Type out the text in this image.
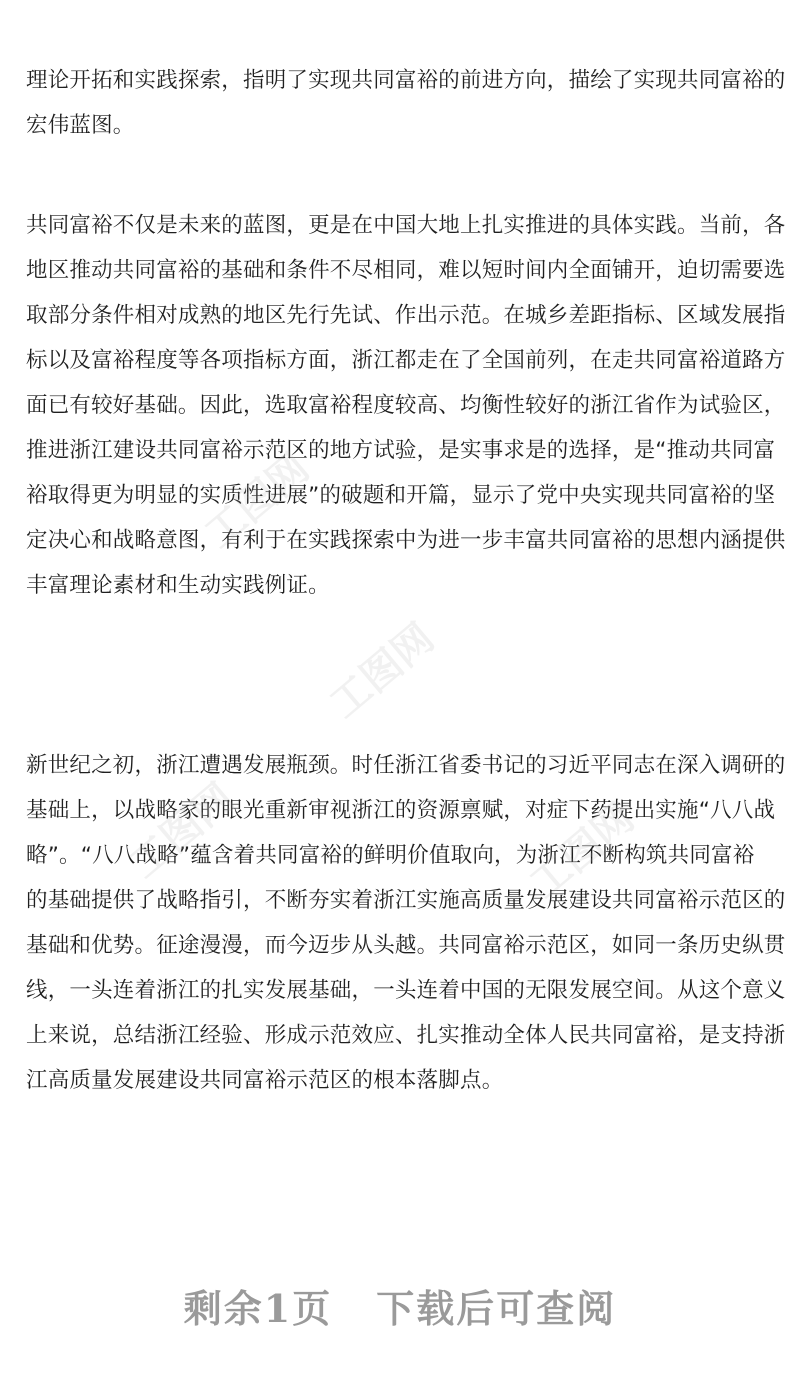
理论开拓和实践探索，指明了实现共同富裕的前进方向，描绘了实现共同富裕的
宏伟蓝图。
共同富裕不仅是未来的蓝图，更是在中国大地上扎实推进的具体实践。当前，各
地区推动共同富裕的基础和条件不尽相同，难以短时间内全面铺开，迫切需要选
取部分条件相对成熟的地区先行先试、作出示范。在城乡差距指标、区域发展指
标以及富裕程度等各项指标方面，浙江都走在了全国前列，在走共同富裕道路方
面已有较好基础。因此，选取富裕程度较高、均衡性较好的浙江省作为试验区，
推进浙江建设共同富裕示范区的地方试验，是实事求是的选择，是“推动共同富
裕取得更为明显的实质性进展”的破题和开篇，显示了党中央实现共同富裕的坚
定决心和战略意图，有利于在实践探索中为进一步丰富共同富裕的思想内涵提供
丰富理论素材和生动实践例证。
新世纪之初，浙江遭遇发展瓶颈。时任浙江省委书记的习近平同志在深入调研的
基础上，以战略家的眼光重新审视浙江的资源禀赋，对症下药提出实施“八八战
略”。“八八战略”蕴含着共同富裕的鲜明价值取向，为浙江不断构筑共同富裕
的基础提供了战略指引，不断夯实着浙江实施高质量发展建设共同富裕示范区的
基础和优势。征途漫漫，而今迈步从头越。共同富裕示范区，如同一条历史纵贯
线，一头连着浙江的扎实发展基础，一头连着中国的无限发展空间。从这个意义
上来说，总结浙江经验、形成示范效应、扎实推动全体人民共同富裕，是支持浙
江高质量发展建设共同富裕示范区的根本落脚点。
工图网
工图网
工图网	工图网
剩余1页 下载后可查阅
